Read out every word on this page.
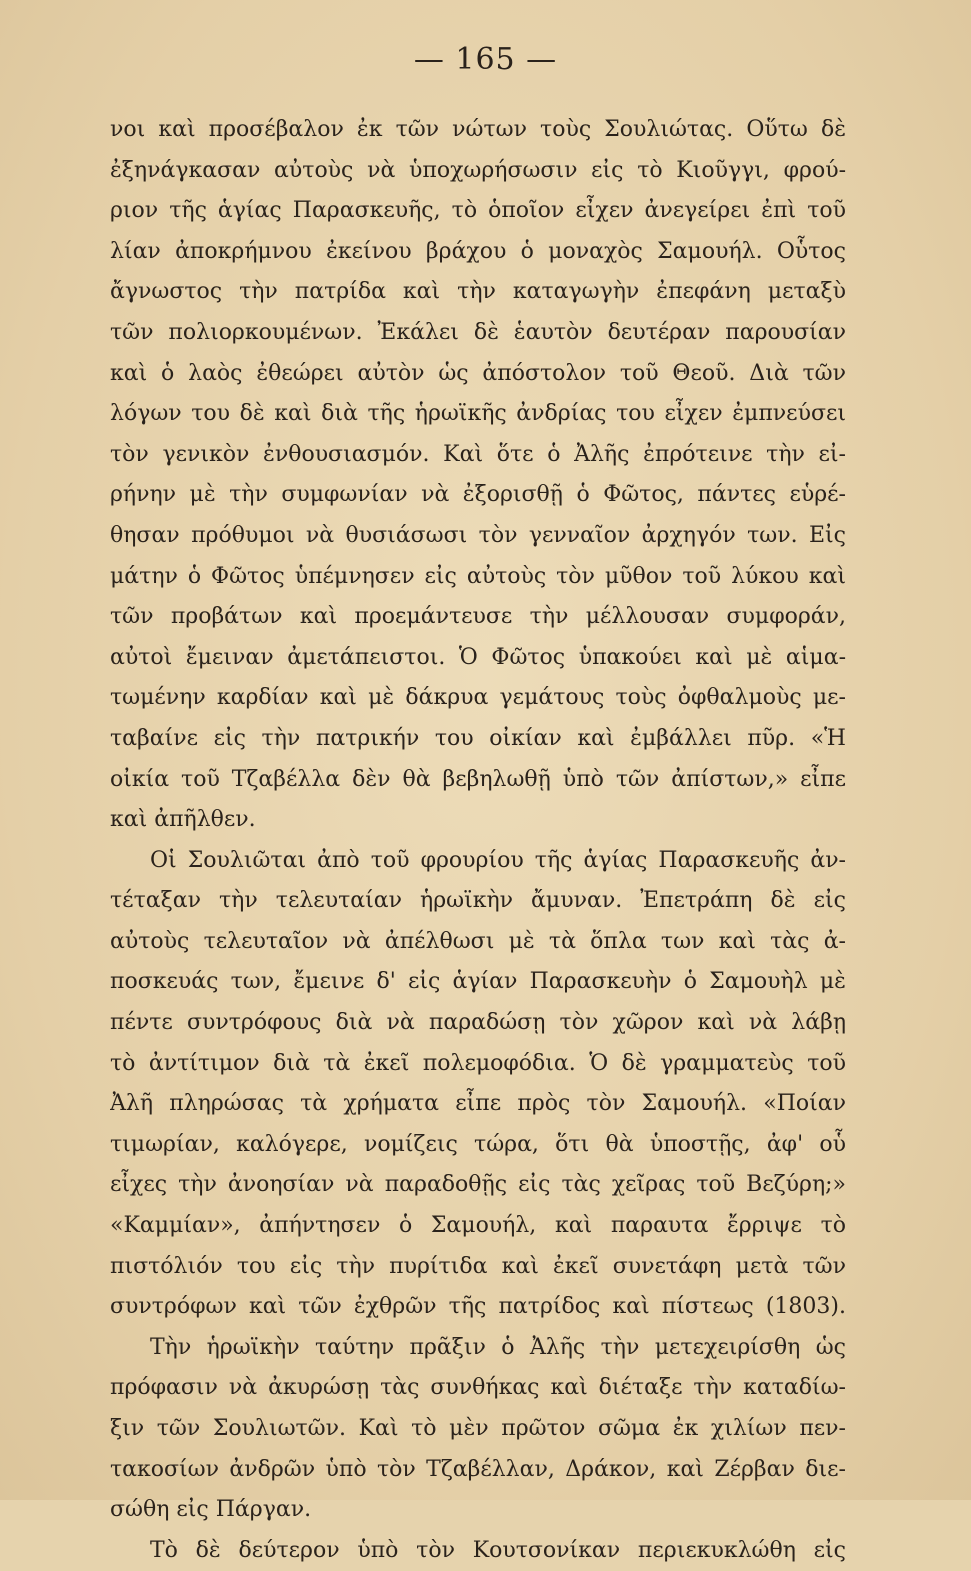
— 165 —
νοι καὶ προσέβαλον ἐκ τῶν νώτων τοὺς Σουλιώτας. Οὕτω δὲ
ἐξηνάγκασαν αὐτοὺς νὰ ὑποχωρήσωσιν εἰς τὸ Κιοῦγγι, φρού-
ριον τῆς ἁγίας Παρασκευῆς, τὸ ὁποῖον εἶχεν ἀνεγείρει ἐπὶ τοῦ
λίαν ἀποκρήμνου ἐκείνου βράχου ὁ μοναχὸς Σαμουήλ. Οὗτος
ἄγνωστος τὴν πατρίδα καὶ τὴν καταγωγὴν ἐπεφάνη μεταξὺ
τῶν πολιορκουμένων. Ἐκάλει δὲ ἑαυτὸν δευτέραν παρουσίαν
καὶ ὁ λαὸς ἐθεώρει αὐτὸν ὡς ἀπόστολον τοῦ Θεοῦ. Διὰ τῶν
λόγων του δὲ καὶ διὰ τῆς ἡρωϊκῆς ἀνδρίας του εἶχεν ἐμπνεύσει
τὸν γενικὸν ἐνθουσιασμόν. Καὶ ὅτε ὁ Ἀλῆς ἐπρότεινε τὴν εἰ-
ρήνην μὲ τὴν συμφωνίαν νὰ ἐξορισθῇ ὁ Φῶτος, πάντες εὑρέ-
θησαν πρόθυμοι νὰ θυσιάσωσι τὸν γενναῖον ἀρχηγόν των. Εἰς
μάτην ὁ Φῶτος ὑπέμνησεν εἰς αὐτοὺς τὸν μῦθον τοῦ λύκου καὶ
τῶν προβάτων καὶ προεμάντευσε τὴν μέλλουσαν συμφοράν,
αὐτοὶ ἔμειναν ἀμετάπειστοι. Ὁ Φῶτος ὑπακούει καὶ μὲ αἱμα-
τωμένην καρδίαν καὶ μὲ δάκρυα γεμάτους τοὺς ὀφθαλμοὺς με-
ταβαίνε εἰς τὴν πατρικήν του οἰκίαν καὶ ἐμβάλλει πῦρ. «Ἡ
οἰκία τοῦ Τζαβέλλα δὲν θὰ βεβηλωθῇ ὑπὸ τῶν ἀπίστων,» εἶπε
καὶ ἀπῆλθεν.
Οἱ Σουλιῶται ἀπὸ τοῦ φρουρίου τῆς ἁγίας Παρασκευῆς ἀν-
τέταξαν τὴν τελευταίαν ἡρωϊκὴν ἄμυναν. Ἐπετράπη δὲ εἰς
αὐτοὺς τελευταῖον νὰ ἀπέλθωσι μὲ τὰ ὅπλα των καὶ τὰς ἀ-
ποσκευάς των, ἔμεινε δ' εἰς ἁγίαν Παρασκευὴν ὁ Σαμουὴλ μὲ
πέντε συντρόφους διὰ νὰ παραδώσῃ τὸν χῶρον καὶ νὰ λάβῃ
τὸ ἀντίτιμον διὰ τὰ ἐκεῖ πολεμοφόδια. Ὁ δὲ γραμματεὺς τοῦ
Ἀλῆ πληρώσας τὰ χρήματα εἶπε πρὸς τὸν Σαμουήλ. «Ποίαν
τιμωρίαν, καλόγερε, νομίζεις τώρα, ὅτι θὰ ὑποστῇς, ἀφ' οὗ
εἶχες τὴν ἀνοησίαν νὰ παραδοθῇς εἰς τὰς χεῖρας τοῦ Βεζύρη;»
«Καμμίαν», ἀπήντησεν ὁ Σαμουήλ, καὶ παραυτα ἔρριψε τὸ
πιστόλιόν του εἰς τὴν πυρίτιδα καὶ ἐκεῖ συνετάφη μετὰ τῶν
συντρόφων καὶ τῶν ἐχθρῶν τῆς πατρίδος καὶ πίστεως (1803).
Τὴν ἡρωϊκὴν ταύτην πρᾶξιν ὁ Ἀλῆς τὴν μετεχειρίσθη ὡς
πρόφασιν νὰ ἀκυρώσῃ τὰς συνθήκας καὶ διέταξε τὴν καταδίω-
ξιν τῶν Σουλιωτῶν. Καὶ τὸ μὲν πρῶτον σῶμα ἐκ χιλίων πεν-
τακοσίων ἀνδρῶν ὑπὸ τὸν Τζαβέλλαν, Δράκον, καὶ Ζέρβαν διε-
σώθη εἰς Πάργαν.
Τὸ δὲ δεύτερον ὑπὸ τὸν Κουτσονίκαν περιεκυκλώθη εἰς
